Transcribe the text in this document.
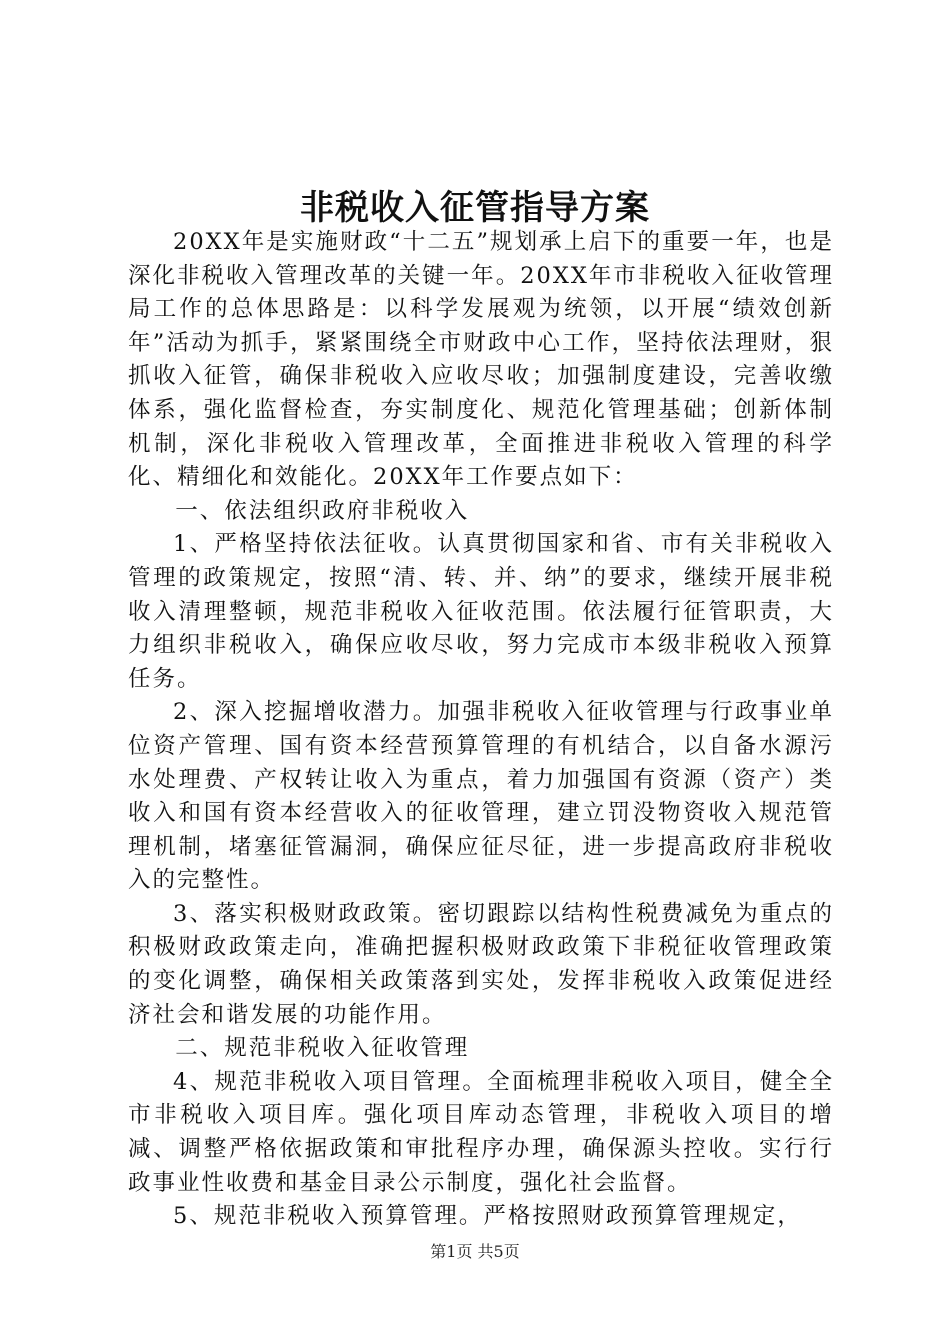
非税收入征管指导方案

20XX年是实施财政“十二五”规划承上启下的重要一年，也是深化非税收入管理改革的关键一年。20XX年市非税收入征收管理局工作的总体思路是：以科学发展观为统领，以开展“绩效创新年”活动为抓手，紧紧围绕全市财政中心工作，坚持依法理财，狠抓收入征管，确保非税收入应收尽收；加强制度建设，完善收缴体系，强化监督检查，夯实制度化、规范化管理基础；创新体制机制，深化非税收入管理改革，全面推进非税收入管理的科学化、精细化和效能化。20XX年工作要点如下：

一、依法组织政府非税收入

1、严格坚持依法征收。认真贯彻国家和省、市有关非税收入管理的政策规定，按照“清、转、并、纳”的要求，继续开展非税收入清理整顿，规范非税收入征收范围。依法履行征管职责，大力组织非税收入，确保应收尽收，努力完成市本级非税收入预算任务。

2、深入挖掘增收潜力。加强非税收入征收管理与行政事业单位资产管理、国有资本经营预算管理的有机结合，以自备水源污水处理费、产权转让收入为重点，着力加强国有资源（资产）类收入和国有资本经营收入的征收管理，建立罚没物资收入规范管理机制，堵塞征管漏洞，确保应征尽征，进一步提高政府非税收入的完整性。

3、落实积极财政政策。密切跟踪以结构性税费减免为重点的积极财政政策走向，准确把握积极财政政策下非税征收管理政策的变化调整，确保相关政策落到实处，发挥非税收入政策促进经济社会和谐发展的功能作用。

二、规范非税收入征收管理

4、规范非税收入项目管理。全面梳理非税收入项目，健全全市非税收入项目库。强化项目库动态管理，非税收入项目的增减、调整严格依据政策和审批程序办理，确保源头控收。实行行政事业性收费和基金目录公示制度，强化社会监督。

5、规范非税收入预算管理。严格按照财政预算管理规定，

第1页 共5页
